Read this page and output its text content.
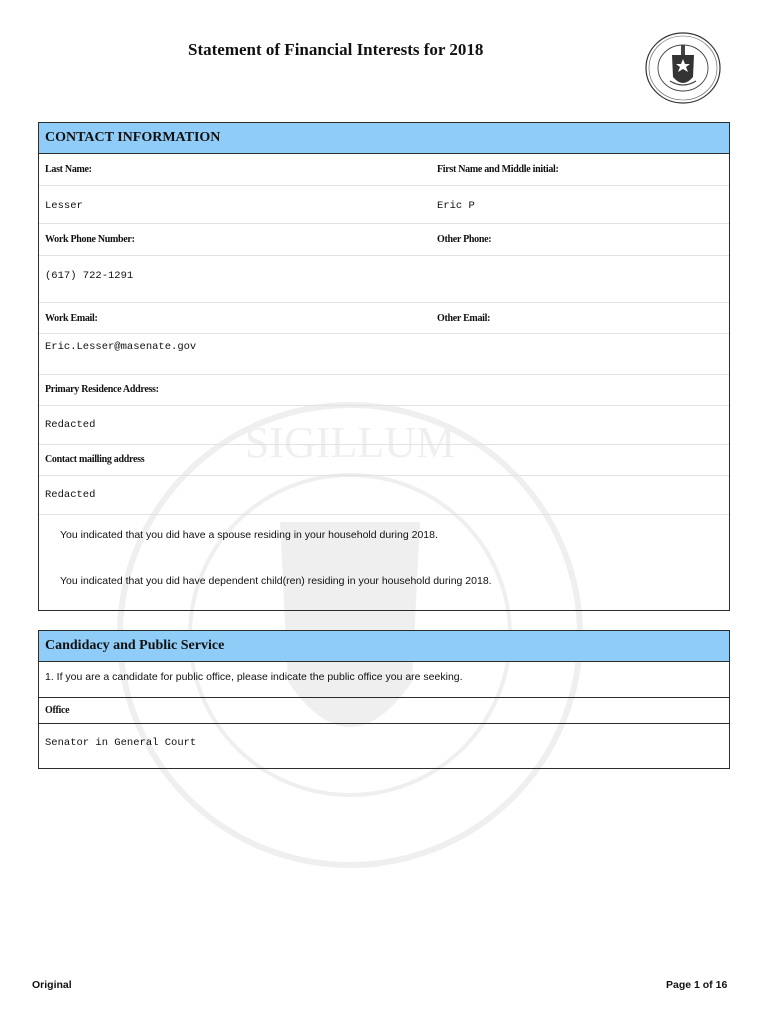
SIGILLUM
Statement of Financial Interests for 2018
CONTACT INFORMATION
Last Name:	First Name and Middle initial:
Lesser	Eric P
Work Phone Number:	Other Phone:
(617) 722-1291
Work Email:	Other Email:
Eric.Lesser@masenate.gov
Primary Residence Address:
Redacted
Contact mailling address
Redacted
You indicated that you did have a spouse residing in your household during 2018.
You indicated that you did have dependent child(ren) residing in your household during 2018.
Candidacy and Public Service
1. If you are a candidate for public office, please indicate the public office you are seeking.
Office
Senator in General Court
Original	Page 1 of 16
